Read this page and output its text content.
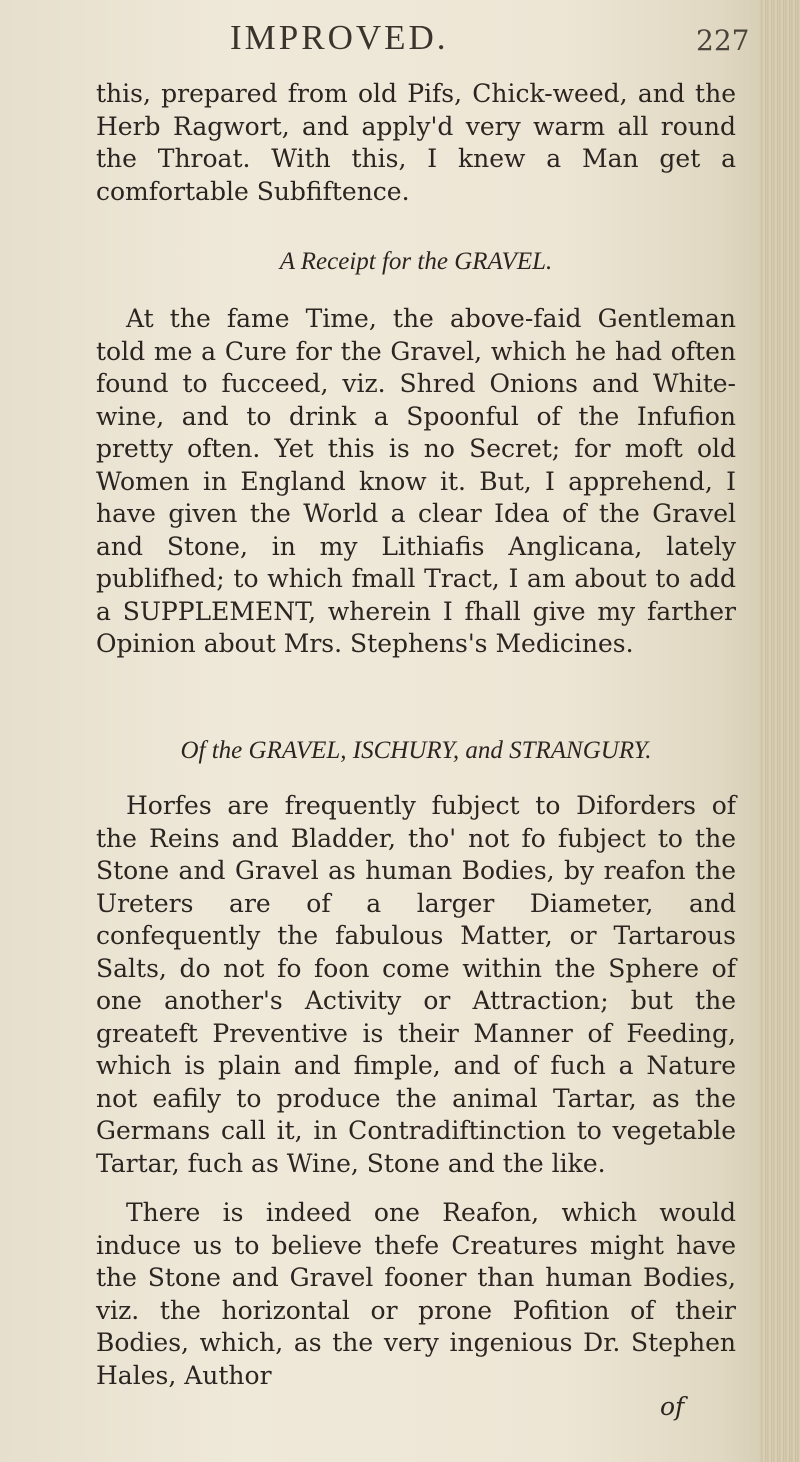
IMPROVED.	227

this, prepared from old Pifs, Chick-weed, and the Herb Ragwort, and apply'd very warm all round the Throat. With this, I knew a Man get a comfortable Subfiftence.

A Receipt for the GRAVEL.

At the fame Time, the above-faid Gentleman told me a Cure for the Gravel, which he had often found to fucceed, viz. Shred Onions and White-wine, and to drink a Spoonful of the Infufion pretty often. Yet this is no Secret; for moft old Women in England know it. But, I apprehend, I have given the World a clear Idea of the Gravel and Stone, in my Lithiafis Anglicana, lately publifhed; to which fmall Tract, I am about to add a SUPPLEMENT, wherein I fhall give my farther Opinion about Mrs. Stephens's Medicines.

Of the GRAVEL, ISCHURY, and STRANGURY.

Horfes are frequently fubject to Diforders of the Reins and Bladder, tho' not fo fubject to the Stone and Gravel as human Bodies, by reafon the Ureters are of a larger Diameter, and confequently the fabulous Matter, or Tartarous Salts, do not fo foon come within the Sphere of one another's Activity or Attraction; but the greateft Preventive is their Manner of Feeding, which is plain and fimple, and of fuch a Nature not eafily to produce the animal Tartar, as the Germans call it, in Contradiftinction to vegetable Tartar, fuch as Wine, Stone and the like.

There is indeed one Reafon, which would induce us to believe thefe Creatures might have the Stone and Gravel fooner than human Bodies, viz. the horizontal or prone Pofition of their Bodies, which, as the very ingenious Dr. Stephen Hales, Author

of
